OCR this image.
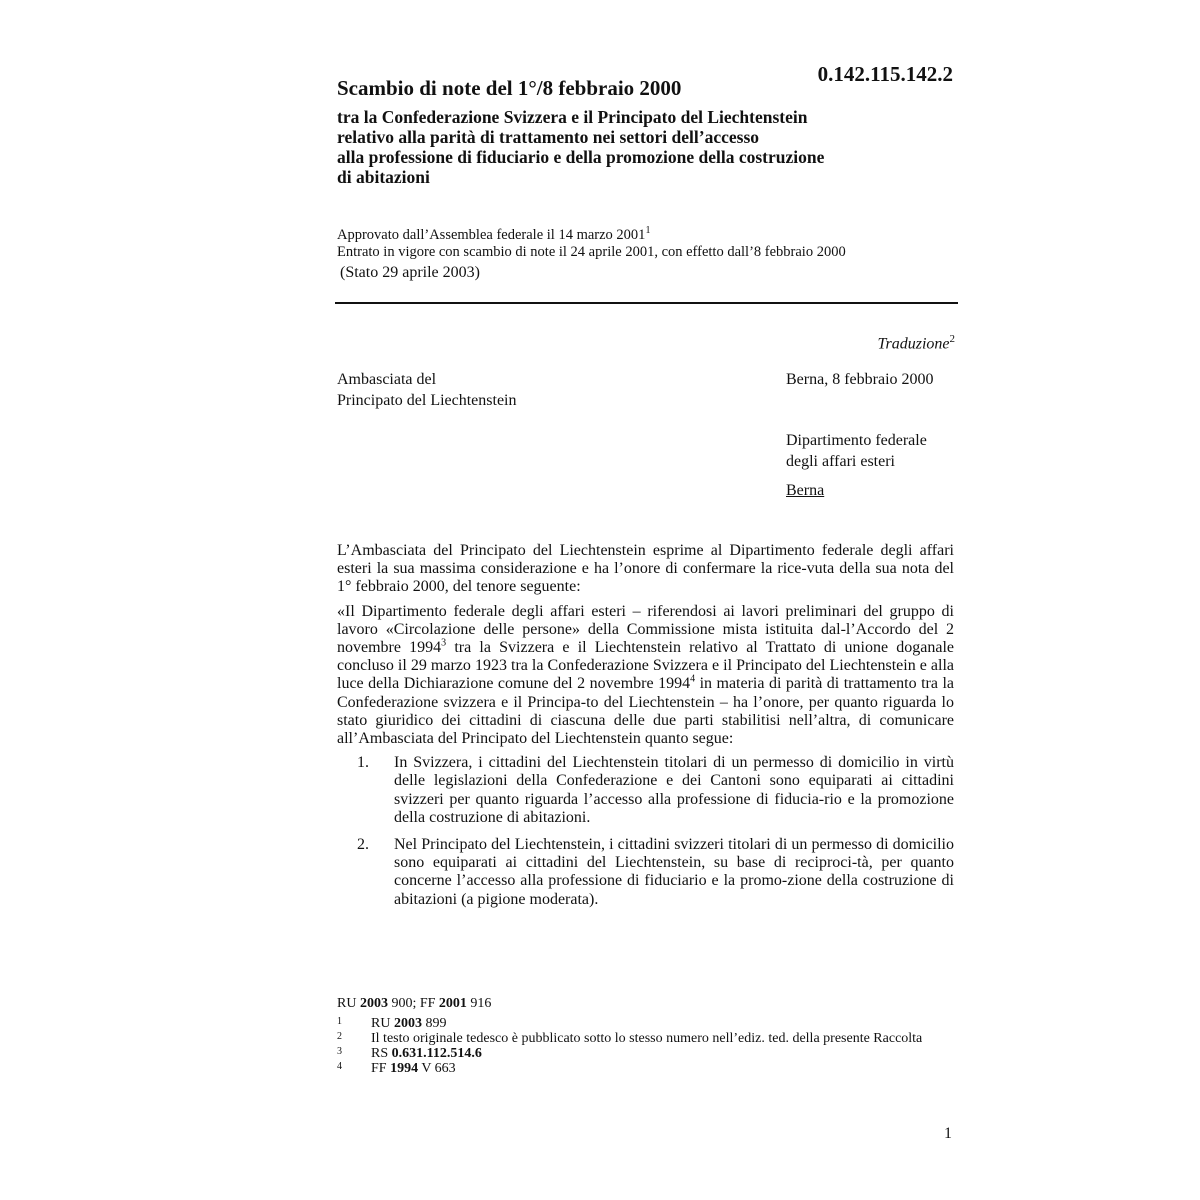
Scambio di note del 1°/8 febbraio 2000
0.142.115.142.2
tra la Confederazione Svizzera e il Principato del Liechtenstein
relativo alla parità di trattamento nei settori dell’accesso
alla professione di fiduciario e della promozione della costruzione
di abitazioni
Approvato dall’Assemblea federale il 14 marzo 2001$^1$
Entrato in vigore con scambio di note il 24 aprile 2001, con effetto dall’8 febbraio 2000
(Stato 29 aprile 2003)
Traduzione$^2$
Ambasciata del
Principato del Liechtenstein
Berna, 8 febbraio 2000
Dipartimento federale
degli affari esteri
Berna

L’Ambasciata del Principato del Liechtenstein esprime al Dipartimento federale degli affari esteri la sua massima considerazione e ha l’onore di confermare la rice-vuta della sua nota del 1° febbraio 2000, del tenore seguente:

«Il Dipartimento federale degli affari esteri – riferendosi ai lavori preliminari del gruppo di lavoro «Circolazione delle persone» della Commissione mista istituita dal-l’Accordo del 2 novembre 1994$^3$ tra la Svizzera e il Liechtenstein relativo al Trattato di unione doganale concluso il 29 marzo 1923 tra la Confederazione Svizzera e il Principato del Liechtenstein e alla luce della Dichiarazione comune del 2 novembre 1994$^4$ in materia di parità di trattamento tra la Confederazione svizzera e il Principa-to del Liechtenstein – ha l’onore, per quanto riguarda lo stato giuridico dei cittadini di ciascuna delle due parti stabilitisi nell’altra, di comunicare all’Ambasciata del Principato del Liechtenstein quanto segue:

1. In Svizzera, i cittadini del Liechtenstein titolari di un permesso di domicilio in virtù delle legislazioni della Confederazione e dei Cantoni sono equiparati ai cittadini svizzeri per quanto riguarda l’accesso alla professione di fiducia-rio e la promozione della costruzione di abitazioni.
2. Nel Principato del Liechtenstein, i cittadini svizzeri titolari di un permesso di domicilio sono equiparati ai cittadini del Liechtenstein, su base di reciproci-tà, per quanto concerne l’accesso alla professione di fiduciario e la promo-zione della costruzione di abitazioni (a pigione moderata).
RU 2003 900; FF 2001 916
1 RU 2003 899
2 Il testo originale tedesco è pubblicato sotto lo stesso numero nell’ediz. ted. della presente Raccolta
3 RS 0.631.112.514.6
4 FF 1994 V 663
1
